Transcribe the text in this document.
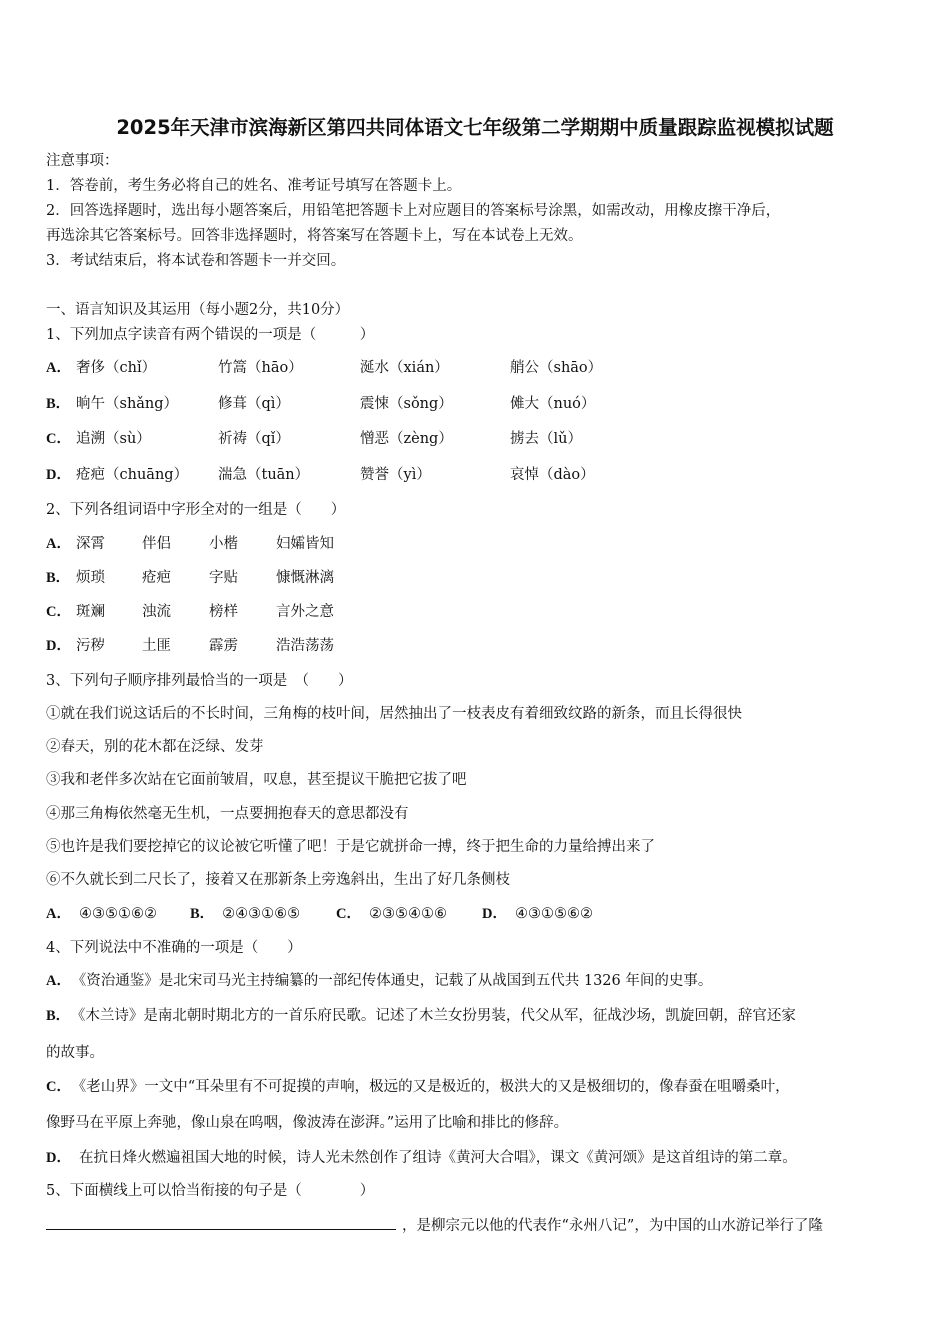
2025年天津市滨海新区第四共同体语文七年级第二学期期中质量跟踪监视模拟试题
注意事项：
1．答卷前，考生务必将自己的姓名、准考证号填写在答题卡上。
2．回答选择题时，选出每小题答案后，用铅笔把答题卡上对应题目的答案标号涂黑，如需改动，用橡皮擦干净后，
再选涂其它答案标号。回答非选择题时，将答案写在答题卡上，写在本试卷上无效。
3．考试结束后，将本试卷和答题卡一并交回。
一、语言知识及其运用（每小题2分，共10分）
1、下列加点字读音有两个错误的一项是（　　　）
A． 奢侈（chǐ）	竹篙（hāo）	涎水（xián）	艄公（shāo）
B． 晌午（shǎng）	修葺（qì）	震悚（sǒng）	傩大（nuó）
C． 追溯（sù）	祈祷（qǐ）	憎恶（zèng）	掳去（lǔ）
D． 疮疤（chuāng） 湍急（tuān）	赞誉（yì）	哀悼（dào）
2、下列各组词语中字形全对的一组是（　　）
A． 深霄	伴侣	小楷	妇孀皆知
B． 烦琐	疮疤	字贴	慷慨淋漓
C． 斑斓	浊流	榜样	言外之意
D． 污秽	土匪	霹雳	浩浩荡荡
3、下列句子顺序排列最恰当的一项是　（　　）
①就在我们说这话后的不长时间，三角梅的枝叶间，居然抽出了一枝表皮有着细致纹路的新条，而且长得很快
②春天，别的花木都在泛绿、发芽
③我和老伴多次站在它面前皱眉，叹息，甚至提议干脆把它拔了吧
④那三角梅依然毫无生机，一点要拥抱春天的意思都没有
⑤也许是我们要挖掉它的议论被它听懂了吧！于是它就拼命一搏，终于把生命的力量给搏出来了
⑥不久就长到二尺长了，接着又在那新条上旁逸斜出，生出了好几条侧枝
A． ④③⑤①⑥② B． ②④③①⑥⑤ C． ②③⑤④①⑥ D． ④③①⑤⑥②
4、下列说法中不准确的一项是（　　）
A． 《资治通鉴》是北宋司马光主持编纂的一部纪传体通史，记载了从战国到五代共 1326 年间的史事。
B． 《木兰诗》是南北朝时期北方的一首乐府民歌。记述了木兰女扮男装，代父从军，征战沙场，凯旋回朝，辞官还家
的故事。
C． 《老山界》一文中“耳朵里有不可捉摸的声响，极远的又是极近的，极洪大的又是极细切的，像春蚕在咀嚼桑叶，
像野马在平原上奔驰，像山泉在呜咽，像波涛在澎湃。”运用了比喻和排比的修辞。
D． 在抗日烽火燃遍祖国大地的时候，诗人光未然创作了组诗《黄河大合唱》，课文《黄河颂》是这首组诗的第二章。
5、下面横线上可以恰当衔接的句子是（　　　　）
，是柳宗元以他的代表作“永州八记”，为中国的山水游记举行了隆
